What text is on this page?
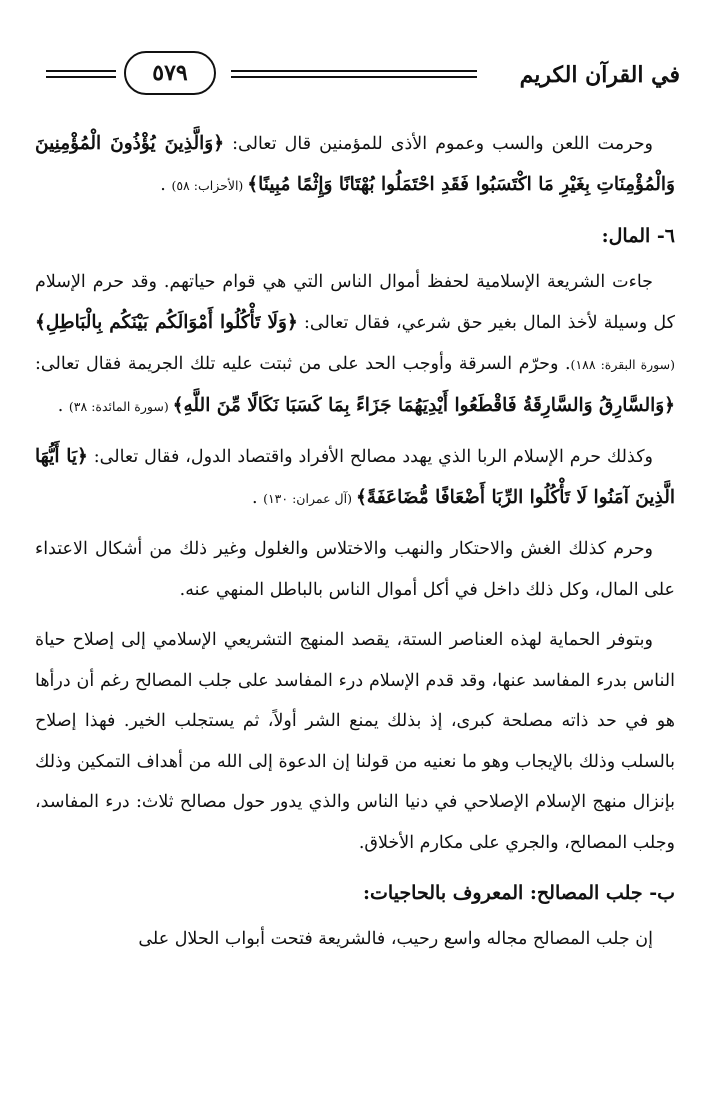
في القرآن الكريم
٥٧٩

وحرمت اللعن والسب وعموم الأذى للمؤمنين قال تعالى: ﴿وَالَّذِينَ يُؤْذُونَ الْمُؤْمِنِينَ وَالْمُؤْمِنَاتِ بِغَيْرِ مَا اكْتَسَبُوا فَقَدِ احْتَمَلُوا بُهْتَانًا وَإِثْمًا مُبِينًا﴾ (الأحزاب: ٥٨) .

٦- المال:

جاءت الشريعة الإسلامية لحفظ أموال الناس التي هي قوام حياتهم. وقد حرم الإسلام كل وسيلة لأخذ المال بغير حق شرعي، فقال تعالى: ﴿وَلَا تَأْكُلُوا أَمْوَالَكُم بَيْنَكُم بِالْبَاطِلِ﴾ (سورة البقرة: ١٨٨). وحرّم السرقة وأوجب الحد على من ثبتت عليه تلك الجريمة فقال تعالى: ﴿وَالسَّارِقُ وَالسَّارِقَةُ فَاقْطَعُوا أَيْدِيَهُمَا جَزَاءً بِمَا كَسَبَا نَكَالًا مِّنَ اللَّهِ﴾ (سورة المائدة: ٣٨) .

وكذلك حرم الإسلام الربا الذي يهدد مصالح الأفراد واقتصاد الدول، فقال تعالى: ﴿يَا أَيُّهَا الَّذِينَ آمَنُوا لَا تَأْكُلُوا الرِّبَا أَضْعَافًا مُّضَاعَفَةً﴾ (آل عمران: ١٣٠) .

وحرم كذلك الغش والاحتكار والنهب والاختلاس والغلول وغير ذلك من أشكال الاعتداء على المال، وكل ذلك داخل في أكل أموال الناس بالباطل المنهي عنه.

وبتوفر الحماية لهذه العناصر الستة، يقصد المنهج التشريعي الإسلامي إلى إصلاح حياة الناس بدرء المفاسد عنها، وقد قدم الإسلام درء المفاسد على جلب المصالح رغم أن درأها هو في حد ذاته مصلحة كبرى، إذ بذلك يمنع الشر أولاً، ثم يستجلب الخير. فهذا إصلاح بالسلب وذلك بالإيجاب وهو ما نعنيه من قولنا إن الدعوة إلى الله من أهداف التمكين وذلك بإنزال منهج الإسلام الإصلاحي في دنيا الناس والذي يدور حول مصالح ثلاث: درء المفاسد، وجلب المصالح، والجري على مكارم الأخلاق.

ب- جلب المصالح: المعروف بالحاجيات:

إن جلب المصالح مجاله واسع رحيب، فالشريعة فتحت أبواب الحلال على
